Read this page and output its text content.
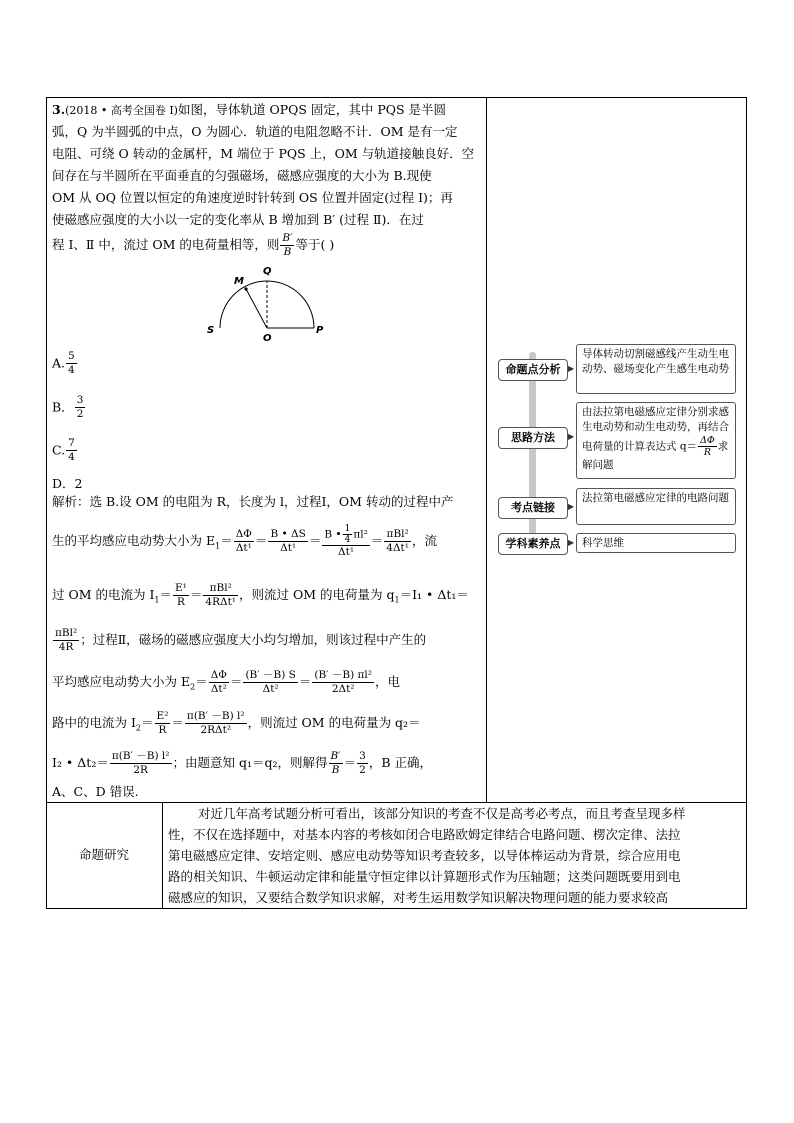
3.(2018 • 高考全国卷 Ⅰ)如图，导体轨道 OPQS 固定，其中 PQS 是半圆
弧，Q 为半圆弧的中点，O 为圆心．轨道的电阻忽略不计．OM 是有一定
电阻、可绕 O 转动的金属杆，M 端位于 PQS 上，OM 与轨道接触良好．空
间存在与半圆所在平面垂直的匀强磁场，磁感应强度的大小为 B.现使
OM 从 OQ 位置以恒定的角速度逆时针转到 OS 位置并固定(过程 Ⅰ)；再
使磁感应强度的大小以一定的变化率从 B 增加到 B′ (过程 Ⅱ)．在过
程 Ⅰ、Ⅱ 中，流过 OM 的电荷量相等，则 $\frac{B'}{B}$ 等于( )
M
Q
S
O
P
A. $\frac{5}{4}$
B． $\frac{3}{2}$
C. $\frac{7}{4}$
D．2
解析：选 B.设 OM 的电阻为 R，长度为 l，过程Ⅰ，OM 转动的过程中产
生的平均感应电动势大小为 $E_1= \frac{\Delta\Phi}{\text{Δt¹}} = \frac{B • \Delta S}{\text{Δt¹}} = \frac{B • \frac{1}{4} \pi l^2}{\text{Δt¹}} = \frac{\text{πBl²}}{\text{4Δt¹}}$ ，流
过 OM 的电流为 $I_1= \frac{\text{E¹}}{R} = \frac{\text{πBl²}}{\text{4RΔt¹}}$ ，则流过 OM 的电荷量为 $q_1=I_1$ • Δt₁＝
$\frac{\text{πBl²}}{4R}$ ；过程Ⅱ，磁场的磁感应强度大小均匀增加，则该过程中产生的
平均感应电动势大小为 $E_2= \frac{\Delta\Phi}{\text{Δt²}} = \frac{(B' -B) S}{\text{Δt²}} = \frac{\text{(B′ －B) πl²}}{\text{2Δt²}}$ ，电
路中的电流为 $I_2= \frac{\text{E²}}{R} = \frac{\text{π(B′ －B) l²}}{\text{2RΔt²}}$ ，则流过 OM 的电荷量为 q₂＝
I₂ • $\Delta t_2= \frac{\text{π(B′ －B) l²}}{2R}$ ；由题意知 q₁＝q₂，则解得 $\frac{B'}{B} = \frac{3}{2}$ ，B 正确，
A、C、D 错误.
命题点分析 ▶
导体转动切割磁感线产生动生电动势、磁场变化产生感生电动势
思路方法	▶
由法拉第电磁感应定律分别求感生电动势和动生电动势，再结合电荷量的计算表达式 $q= \frac{\Delta\Phi}{R}$ 求解问题
考点链接	▶
法拉第电磁感应定律的电路问题
学科素养点 ▶ 科学思维
命题研究
对近几年高考试题分析可看出，该部分知识的考查不仅是高考必考点，而且考查呈现多样
性，不仅在选择题中，对基本内容的考核如闭合电路欧姆定律结合电路问题、楞次定律、法拉
第电磁感应定律、安培定则、感应电动势等知识考查较多，以导体棒运动为背景，综合应用电
路的相关知识、牛顿运动定律和能量守恒定律以计算题形式作为压轴题；这类问题既要用到电
磁感应的知识，又要结合数学知识求解，对考生运用数学知识解决物理问题的能力要求较高
